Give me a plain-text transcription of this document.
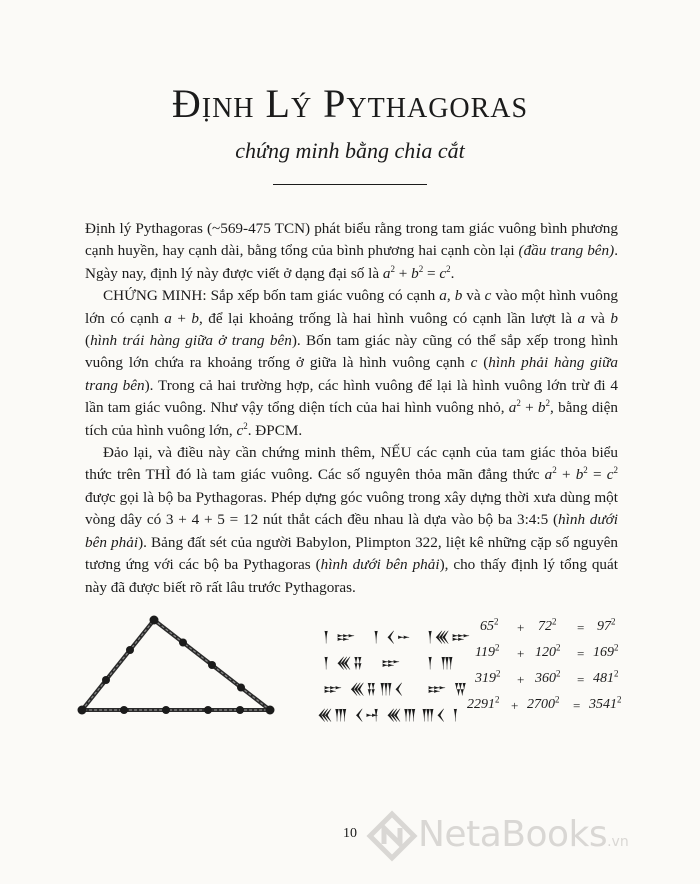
Định Lý Pythagoras
chứng minh bằng chia cắt

Định lý Pythagoras (~569-475 TCN) phát biểu rằng trong tam giác vuông bình phương cạnh huyền, hay cạnh dài, bằng tổng của bình phương hai cạnh còn lại (đầu trang bên). Ngày nay, định lý này được viết ở dạng đại số là $a^2 + b^2 = c^2$.

CHỨNG MINH: Sắp xếp bốn tam giác vuông có cạnh a, b và c vào một hình vuông lớn có cạnh a + b, để lại khoảng trống là hai hình vuông có cạnh lần lượt là a và b (hình trái hàng giữa ở trang bên). Bốn tam giác này cũng có thể sắp xếp trong hình vuông lớn chứa ra khoảng trống ở giữa là hình vuông cạnh c (hình phải hàng giữa trang bên). Trong cả hai trường hợp, các hình vuông để lại là hình vuông lớn trừ đi 4 lần tam giác vuông. Như vậy tổng diện tích của hai hình vuông nhỏ, $a^2 + b^2$, bằng diện tích của hình vuông lớn, $c^2$. ĐPCM.

Đảo lại, và điều này cần chứng minh thêm, NẾU các cạnh của tam giác thỏa biểu thức trên THÌ đó là tam giác vuông. Các số nguyên thỏa mãn đẳng thức $a^2 + b^2 = c^2$ được gọi là bộ ba Pythagoras. Phép dựng góc vuông trong xây dựng thời xưa dùng một vòng dây có 3 + 4 + 5 = 12 nút thắt cách đều nhau là dựa vào bộ ba 3:4:5 (hình dưới bên phải). Bảng đất sét của người Babylon, Plimpton 322, liệt kê những cặp số nguyên tương ứng với các bộ ba Pythagoras (hình dưới bên phải), cho thấy định lý tổng quát này đã được biết rõ rất lâu trước Pythagoras.

𒁹 𒐃 𒁹 𒌋𒐀 𒁹𒌍𒐃
$65^2 + 72^2 = 97^2$
𒁹 𒌍𒐉 𒐃 𒁹 𒐈
$119^2 + 120^2 = 169^2$
𒐃 𒌍𒐉 𒐈𒌋 𒐃 𒐊
$319^2 + 360^2 = 481^2$
𒌍𒐈 𒌋𒐀
𒁹 𒌍𒐈 𒐈𒌋 𒁹
$2291^2 + 2700^2 = 3541^2$
10	NetaBooks.vn
